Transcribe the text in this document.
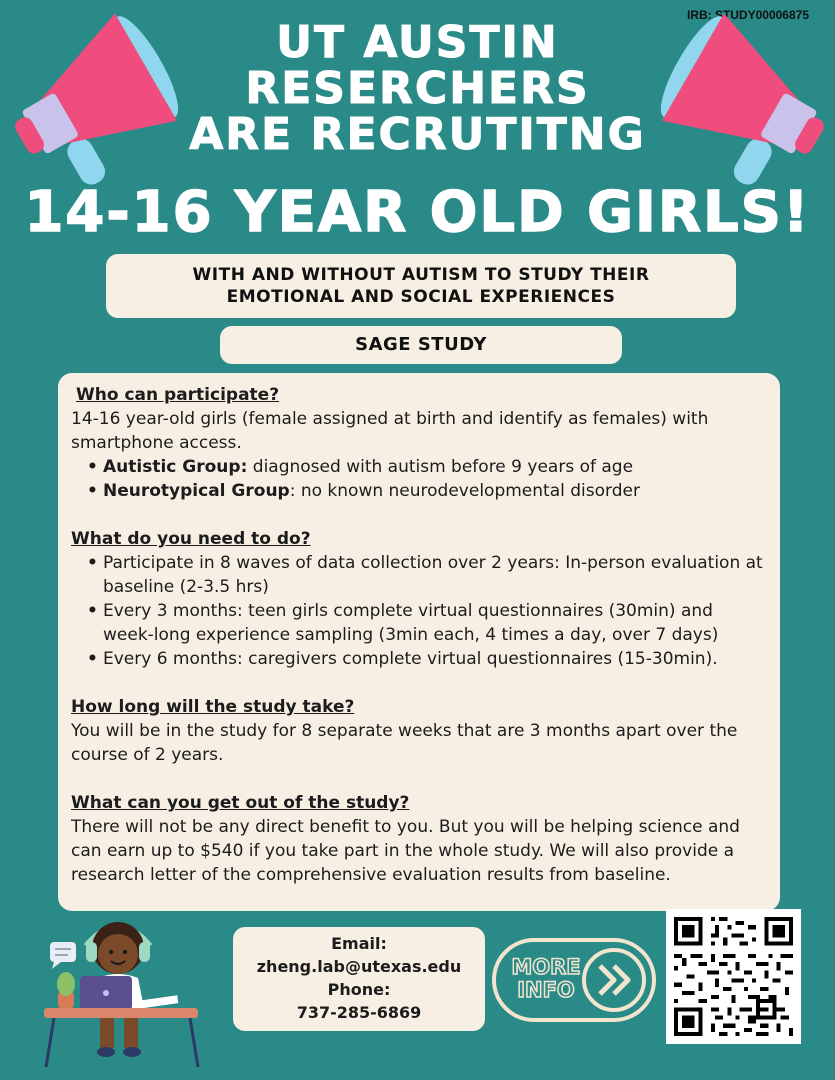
IRB: STUDY00006875
UT AUSTIN
RESERCHERS
ARE RECRUTITNG
14-16 YEAR OLD GIRLS!
WITH AND WITHOUT AUTISM TO STUDY THEIR
EMOTIONAL AND SOCIAL EXPERIENCES
SAGE STUDY
Who can participate?

14-16 year-old girls (female assigned at birth and identify as females) with smartphone access.

• Autistic Group: diagnosed with autism before 9 years of age
• Neurotypical Group: no known neurodevelopmental disorder
What do you need to do?
• Participate in 8 waves of data collection over 2 years: In-person evaluation at baseline (2-3.5 hrs)
• Every 3 months: teen girls complete virtual questionnaires (30min) and week-long experience sampling (3min each, 4 times a day, over 7 days)
• Every 6 months: caregivers complete virtual questionnaires (15-30min).
How long will the study take?

You will be in the study for 8 separate weeks that are 3 months apart over the course of 2 years.

What can you get out of the study?

There will not be any direct benefit to you. But you will be helping science and can earn up to $540 if you take part in the whole study. We will also provide a research letter of the comprehensive evaluation results from baseline.

Email:
zheng.lab@utexas.edu
Phone:
737-285-6869
MORE
INFO
